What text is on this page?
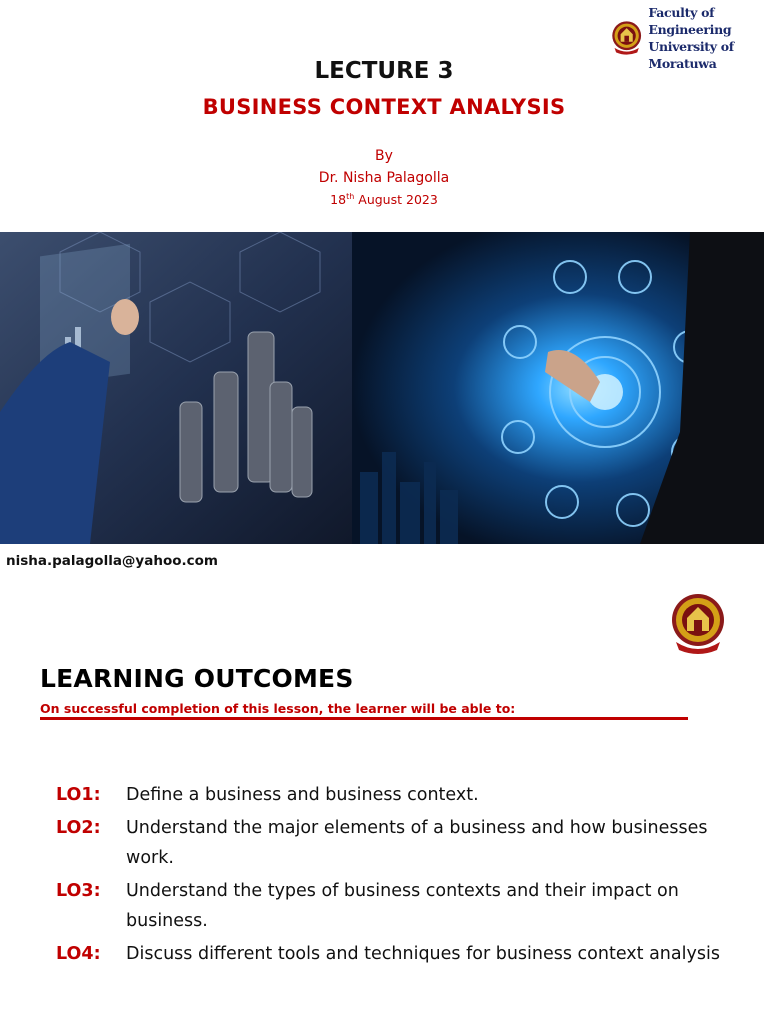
Faculty of Engineering
University of Moratuwa
LECTURE 3
BUSINESS CONTEXT ANALYSIS
By
Dr. Nisha Palagolla
18th August 2023
nisha.palagolla@yahoo.com
LEARNING OUTCOMES
On successful completion of this lesson, the learner will be able to:
LO1:	Define a business and business context.
LO2:	Understand the major elements of a business and how businesses work.
LO3:	Understand the types of business contexts and their impact on business.
LO4:	Discuss different tools and techniques for business context analysis
